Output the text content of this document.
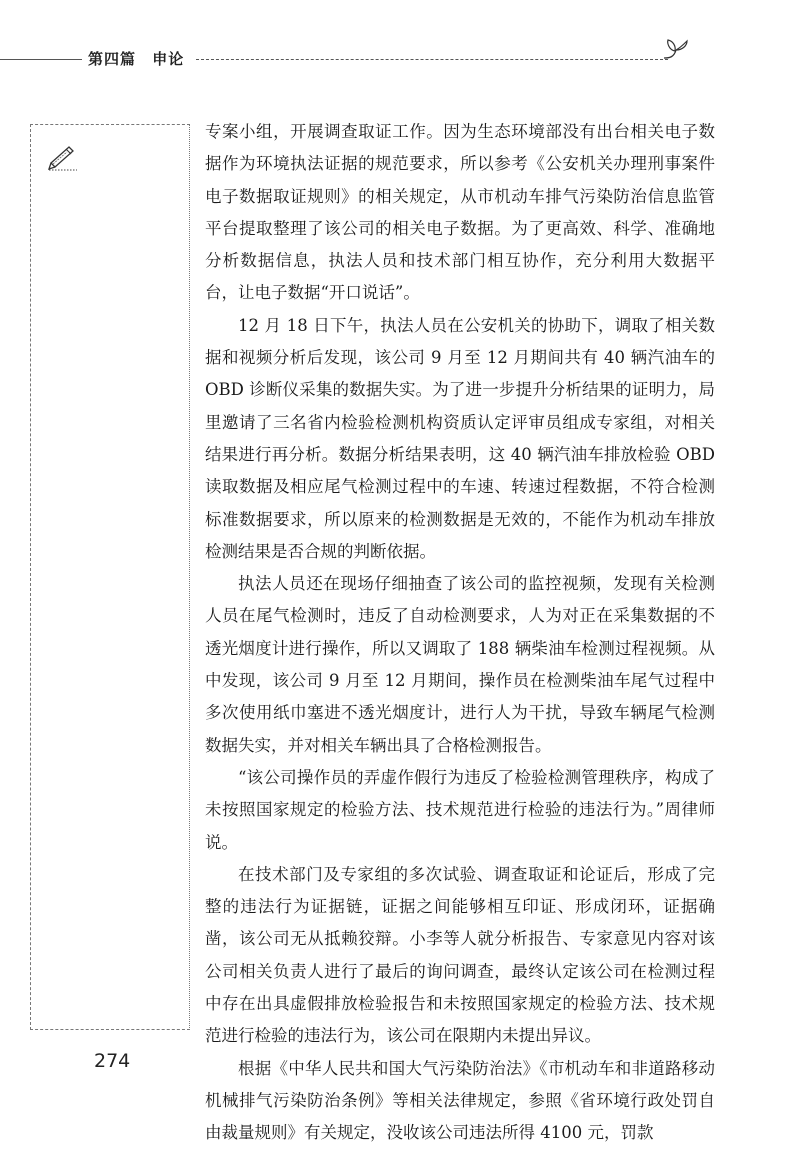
第四篇 申论

专案小组，开展调查取证工作。因为生态环境部没有出台相关电子数据作为环境执法证据的规范要求，所以参考《公安机关办理刑事案件电子数据取证规则》的相关规定，从市机动车排气污染防治信息监管平台提取整理了该公司的相关电子数据。为了更高效、科学、准确地分析数据信息，执法人员和技术部门相互协作，充分利用大数据平台，让电子数据“开口说话”。

12 月 18 日下午，执法人员在公安机关的协助下，调取了相关数据和视频分析后发现，该公司 9 月至 12 月期间共有 40 辆汽油车的 OBD 诊断仪采集的数据失实。为了进一步提升分析结果的证明力，局里邀请了三名省内检验检测机构资质认定评审员组成专家组，对相关结果进行再分析。数据分析结果表明，这 40 辆汽油车排放检验 OBD 读取数据及相应尾气检测过程中的车速、转速过程数据，不符合检测标准数据要求，所以原来的检测数据是无效的，不能作为机动车排放检测结果是否合规的判断依据。

执法人员还在现场仔细抽查了该公司的监控视频，发现有关检测人员在尾气检测时，违反了自动检测要求，人为对正在采集数据的不透光烟度计进行操作，所以又调取了 188 辆柴油车检测过程视频。从中发现，该公司 9 月至 12 月期间，操作员在检测柴油车尾气过程中多次使用纸巾塞进不透光烟度计，进行人为干扰，导致车辆尾气检测数据失实，并对相关车辆出具了合格检测报告。

“该公司操作员的弄虚作假行为违反了检验检测管理秩序，构成了未按照国家规定的检验方法、技术规范进行检验的违法行为。”周律师说。

在技术部门及专家组的多次试验、调查取证和论证后，形成了完整的违法行为证据链，证据之间能够相互印证、形成闭环，证据确凿，该公司无从抵赖狡辩。小李等人就分析报告、专家意见内容对该公司相关负责人进行了最后的询问调查，最终认定该公司在检测过程中存在出具虚假排放检验报告和未按照国家规定的检验方法、技术规范进行检验的违法行为，该公司在限期内未提出异议。

根据《中华人民共和国大气污染防治法》《市机动车和非道路移动机械排气污染防治条例》等相关法律规定，参照《省环境行政处罚自由裁量规则》有关规定，没收该公司违法所得 4100 元，罚款

274
